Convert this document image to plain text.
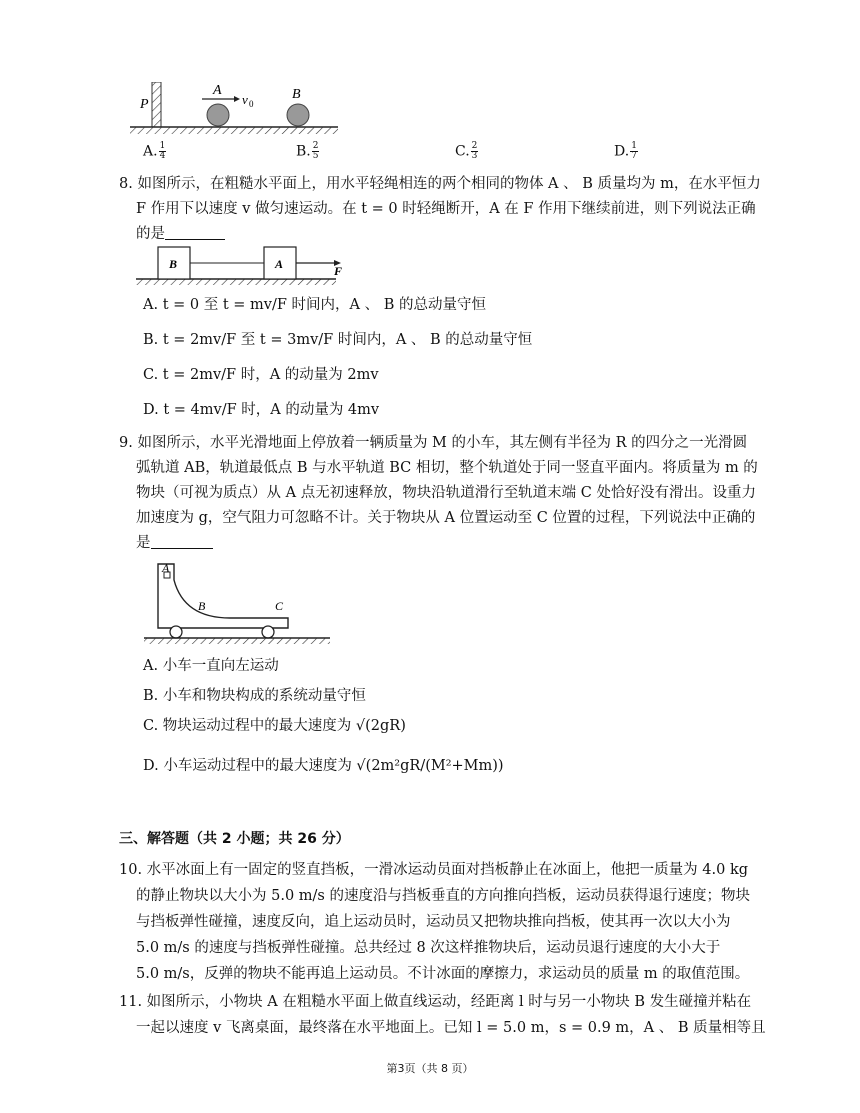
P
A
v 0
B
A. $\frac{1}{4}$	B. $\frac{2}{5}$	C. $\frac{2}{3}$	D. $\frac{1}{7}$
8. 如图所示，在粗糙水平面上，用水平轻绳相连的两个相同的物体 A 、 B 质量均为 m，在水平恒力
F 作用下以速度 v 做匀速运动。在 t = 0 时轻绳断开，A 在 F 作用下继续前进，则下列说法正确
的是
B	A	F
A. t = 0 至 t = mv/F 时间内，A 、 B 的总动量守恒
B. t = 2mv/F 至 t = 3mv/F 时间内，A 、 B 的总动量守恒
C. t = 2mv/F 时，A 的动量为 2mv
D. t = 4mv/F 时，A 的动量为 4mv
9. 如图所示，水平光滑地面上停放着一辆质量为 M 的小车，其左侧有半径为 R 的四分之一光滑圆
弧轨道 AB，轨道最低点 B 与水平轨道 BC 相切，整个轨道处于同一竖直平面内。将质量为 m 的
物块（可视为质点）从 A 点无初速释放，物块沿轨道滑行至轨道末端 C 处恰好没有滑出。设重力
加速度为 g，空气阻力可忽略不计。关于物块从 A 位置运动至 C 位置的过程，下列说法中正确的
是
A
B	C
A. 小车一直向左运动
B. 小车和物块构成的系统动量守恒
C. 物块运动过程中的最大速度为 √(2gR)
D. 小车运动过程中的最大速度为 √(2m²gR/(M²+Mm))
三、解答题（共 2 小题；共 26 分）
10. 水平冰面上有一固定的竖直挡板，一滑冰运动员面对挡板静止在冰面上，他把一质量为 4.0 kg
的静止物块以大小为 5.0 m/s 的速度沿与挡板垂直的方向推向挡板，运动员获得退行速度；物块
与挡板弹性碰撞，速度反向，追上运动员时，运动员又把物块推向挡板，使其再一次以大小为
5.0 m/s 的速度与挡板弹性碰撞。总共经过 8 次这样推物块后，运动员退行速度的大小大于
5.0 m/s，反弹的物块不能再追上运动员。不计冰面的摩擦力，求运动员的质量 m 的取值范围。
11. 如图所示，小物块 A 在粗糙水平面上做直线运动，经距离 l 时与另一小物块 B 发生碰撞并粘在
一起以速度 v 飞离桌面，最终落在水平地面上。已知 l = 5.0 m，s = 0.9 m，A 、 B 质量相等且
第3页（共 8 页）
